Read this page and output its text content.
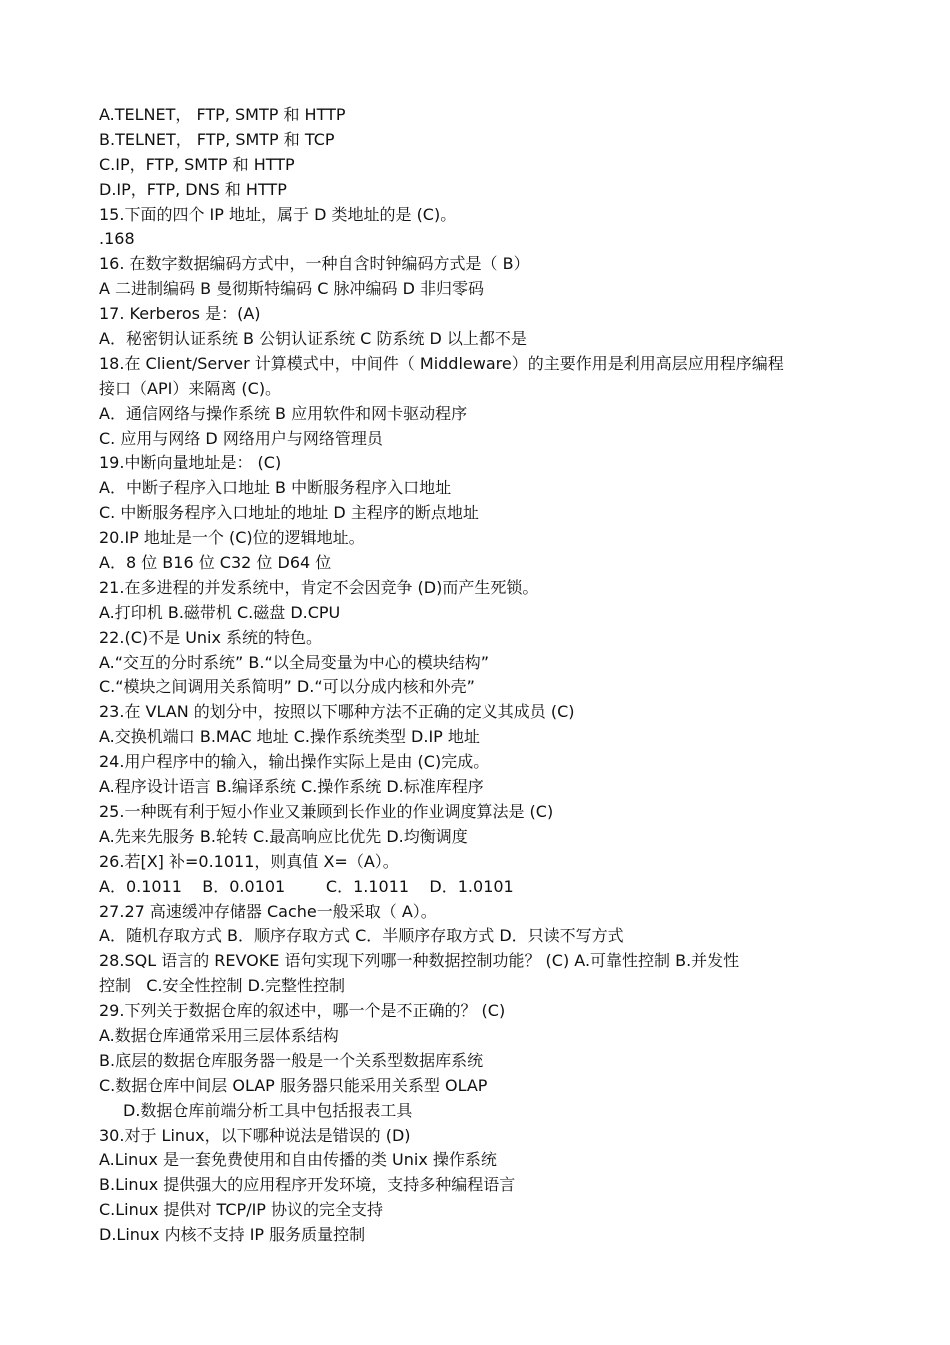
A.TELNET， FTP, SMTP 和 HTTP
B.TELNET， FTP, SMTP 和 TCP
C.IP，FTP, SMTP 和 HTTP
D.IP，FTP, DNS 和 HTTP
15.下面的四个 IP 地址，属于 D 类地址的是 (C)。
.168
16. 在数字数据编码方式中，一种自含时钟编码方式是（ B）
A 二进制编码 B 曼彻斯特编码 C 脉冲编码 D 非归零码
17. Kerberos 是：(A)
A．秘密钥认证系统 B 公钥认证系统 C 防系统 D 以上都不是
18.在 Client/Server 计算模式中，中间件（ Middleware）的主要作用是利用高层应用程序编程
接口（API）来隔离 (C)。
A．通信网络与操作系统 B 应用软件和网卡驱动程序
C. 应用与网络 D 网络用户与网络管理员
19.中断向量地址是： (C)
A．中断子程序入口地址 B 中断服务程序入口地址
C. 中断服务程序入口地址的地址 D 主程序的断点地址
20.IP 地址是一个 (C)位的逻辑地址。
A．8 位 B16 位 C32 位 D64 位
21.在多进程的并发系统中，肯定不会因竞争 (D)而产生死锁。
A.打印机 B.磁带机 C.磁盘 D.CPU
22.(C)不是 Unix 系统的特色。
A.“交互的分时系统” B.“以全局变量为中心的模块结构”
C.“模块之间调用关系简明” D.“可以分成内核和外壳”
23.在 VLAN 的划分中，按照以下哪种方法不正确的定义其成员 (C)
A.交换机端口 B.MAC 地址 C.操作系统类型 D.IP 地址
24.用户程序中的输入，输出操作实际上是由 (C)完成。
A.程序设计语言 B.编译系统 C.操作系统 D.标准库程序
25.一种既有利于短小作业又兼顾到长作业的作业调度算法是 (C)
A.先来先服务 B.轮转 C.最高响应比优先 D.均衡调度
26.若[X] 补=0.1011，则真值 X=（A）。
A．0.1011    B．0.0101        C．1.1011    D．1.0101
27.27 高速缓冲存储器 Cache一般采取（ A）。
A．随机存取方式 B．顺序存取方式 C．半顺序存取方式 D．只读不写方式
28.SQL 语言的 REVOKE 语句实现下列哪一种数据控制功能？ (C) A.可靠性控制 B.并发性
控制   C.安全性控制 D.完整性控制
29.下列关于数据仓库的叙述中，哪一个是不正确的？ (C)
A.数据仓库通常采用三层体系结构
B.底层的数据仓库服务器一般是一个关系型数据库系统
C.数据仓库中间层 OLAP 服务器只能采用关系型 OLAP
D.数据仓库前端分析工具中包括报表工具
30.对于 Linux，以下哪种说法是错误的 (D)
A.Linux 是一套免费使用和自由传播的类 Unix 操作系统
B.Linux 提供强大的应用程序开发环境，支持多种编程语言
C.Linux 提供对 TCP/IP 协议的完全支持
D.Linux 内核不支持 IP 服务质量控制
